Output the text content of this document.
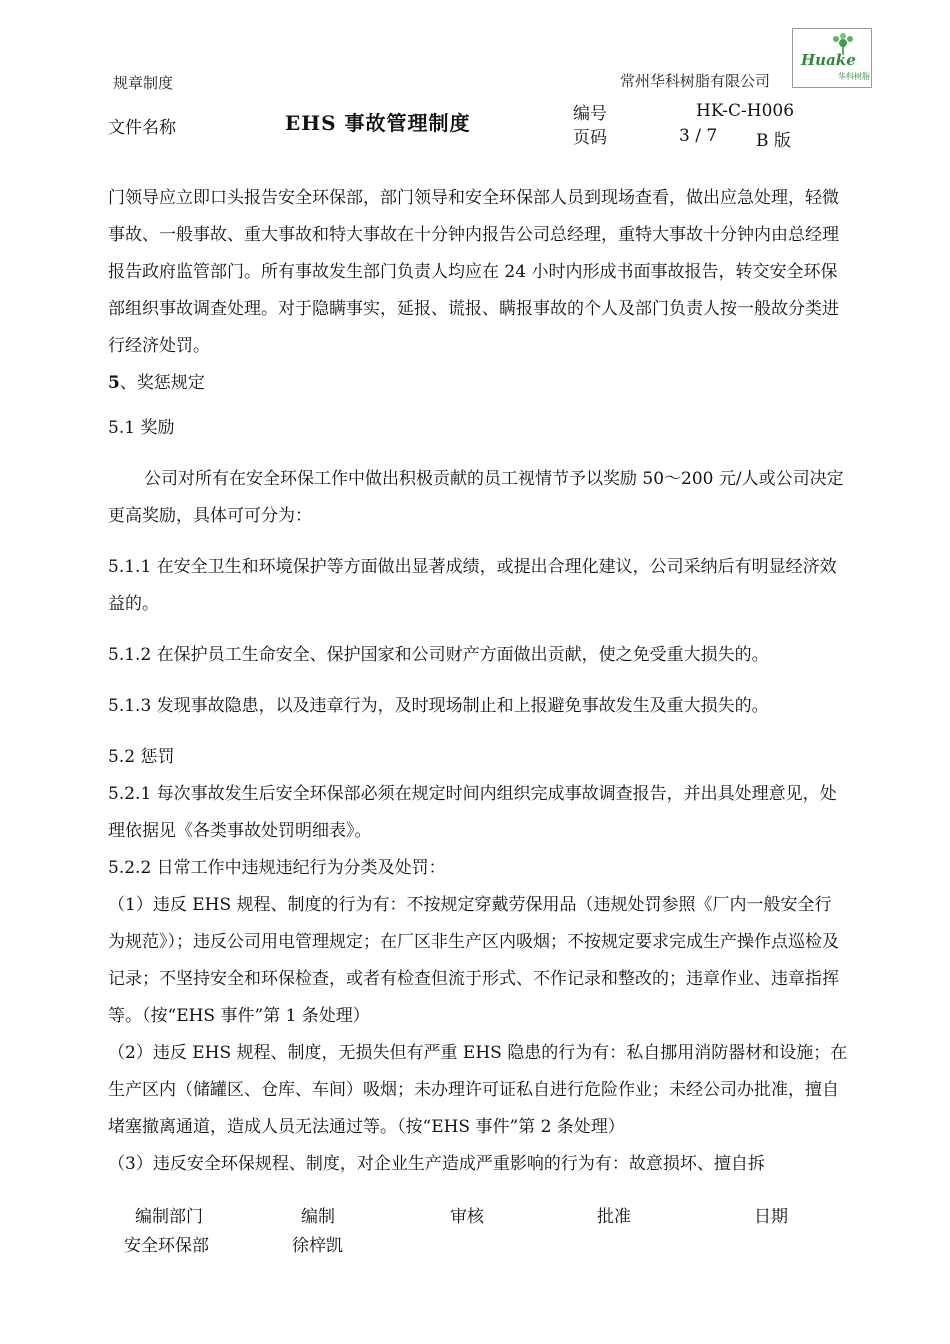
Huake
华科树脂
规章制度	常州华科树脂有限公司
文件名称	EHS 事故管理制度	编号	HK-C-H006
页码	3 / 7 B 版

门领导应立即口头报告安全环保部，部门领导和安全环保部人员到现场查看，做出应急处理，轻微事故、一般事故、重大事故和特大事故在十分钟内报告公司总经理，重特大事故十分钟内由总经理报告政府监管部门。所有事故发生部门负责人均应在 24 小时内形成书面事故报告，转交安全环保部组织事故调查处理。对于隐瞒事实，延报、谎报、瞒报事故的个人及部门负责人按一般故分类进行经济处罚。

5、奖惩规定

5.1 奖励

公司对所有在安全环保工作中做出积极贡献的员工视情节予以奖励 50～200 元/人或公司决定更高奖励，具体可可分为：

5.1.1 在安全卫生和环境保护等方面做出显著成绩，或提出合理化建议，公司采纳后有明显经济效益的。

5.1.2 在保护员工生命安全、保护国家和公司财产方面做出贡献，使之免受重大损失的。

5.1.3 发现事故隐患，以及违章行为，及时现场制止和上报避免事故发生及重大损失的。

5.2 惩罚

5.2.1 每次事故发生后安全环保部必须在规定时间内组织完成事故调查报告，并出具处理意见，处理依据见《各类事故处罚明细表》。

5.2.2 日常工作中违规违纪行为分类及处罚：

（1）违反 EHS 规程、制度的行为有：不按规定穿戴劳保用品（违规处罚参照《厂内一般安全行为规范》）；违反公司用电管理规定；在厂区非生产区内吸烟；不按规定要求完成生产操作点巡检及记录；不坚持安全和环保检查，或者有检查但流于形式、不作记录和整改的；违章作业、违章指挥等。（按“EHS 事件”第 1 条处理）

（2）违反 EHS 规程、制度，无损失但有严重 EHS 隐患的行为有：私自挪用消防器材和设施；在生产区内（储罐区、仓库、车间）吸烟；未办理许可证私自进行危险作业；未经公司办批准，擅自堵塞撤离通道，造成人员无法通过等。（按“EHS 事件”第 2 条处理）

（3）违反安全环保规程、制度，对企业生产造成严重影响的行为有：故意损坏、擅自拆

编制部门	编制	审核	批准	日期
安全环保部	徐梓凯
